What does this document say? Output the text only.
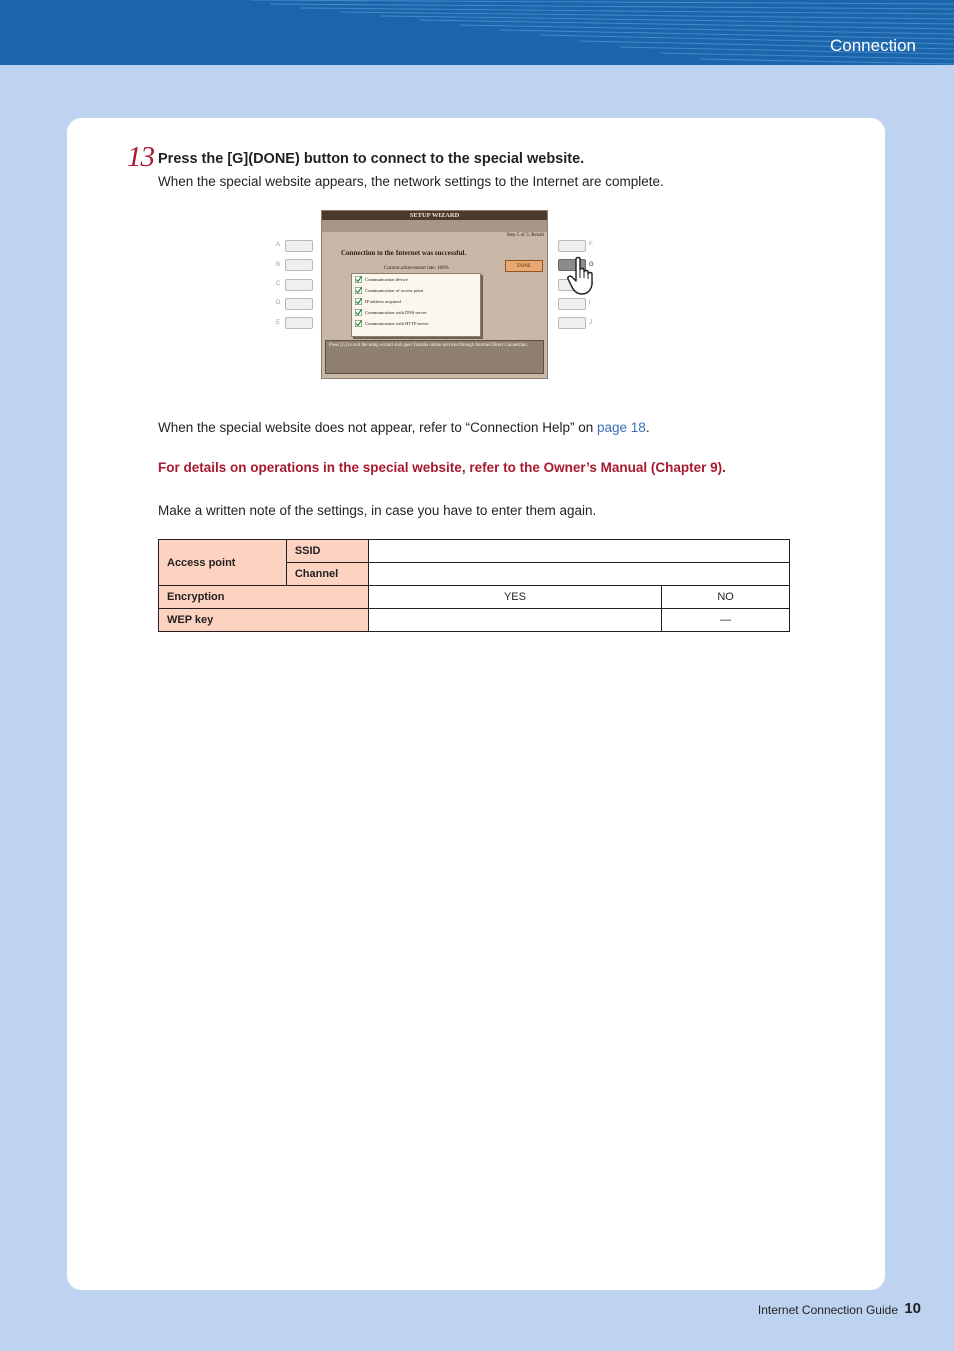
Connection
13 Press the [G](DONE) button to connect to the special website.
When the special website appears, the network settings to the Internet are complete.
A
B
C
D
E
F
G
I
J
SETUP WIZARD
Step 5 of 5: Result
Connection to the Internet was successful.
Current achievement rate: 100%	DONE
Communication device
Communication of access point
IP address acquired
Communication with DNS server
Communication with HTTP server
Press [G] to exit the setup wizard and open Yamaha online services through Internet Direct Connection.
When the special website does not appear, refer to “Connection Help” on page 18.
For details on operations in the special website, refer to the Owner’s Manual (Chapter 9).
Make a written note of the settings, in case you have to enter them again.
Access point	SSID		
	Channel		
Encryption		YES	NO
WEP key			—
Internet Connection Guide 10
